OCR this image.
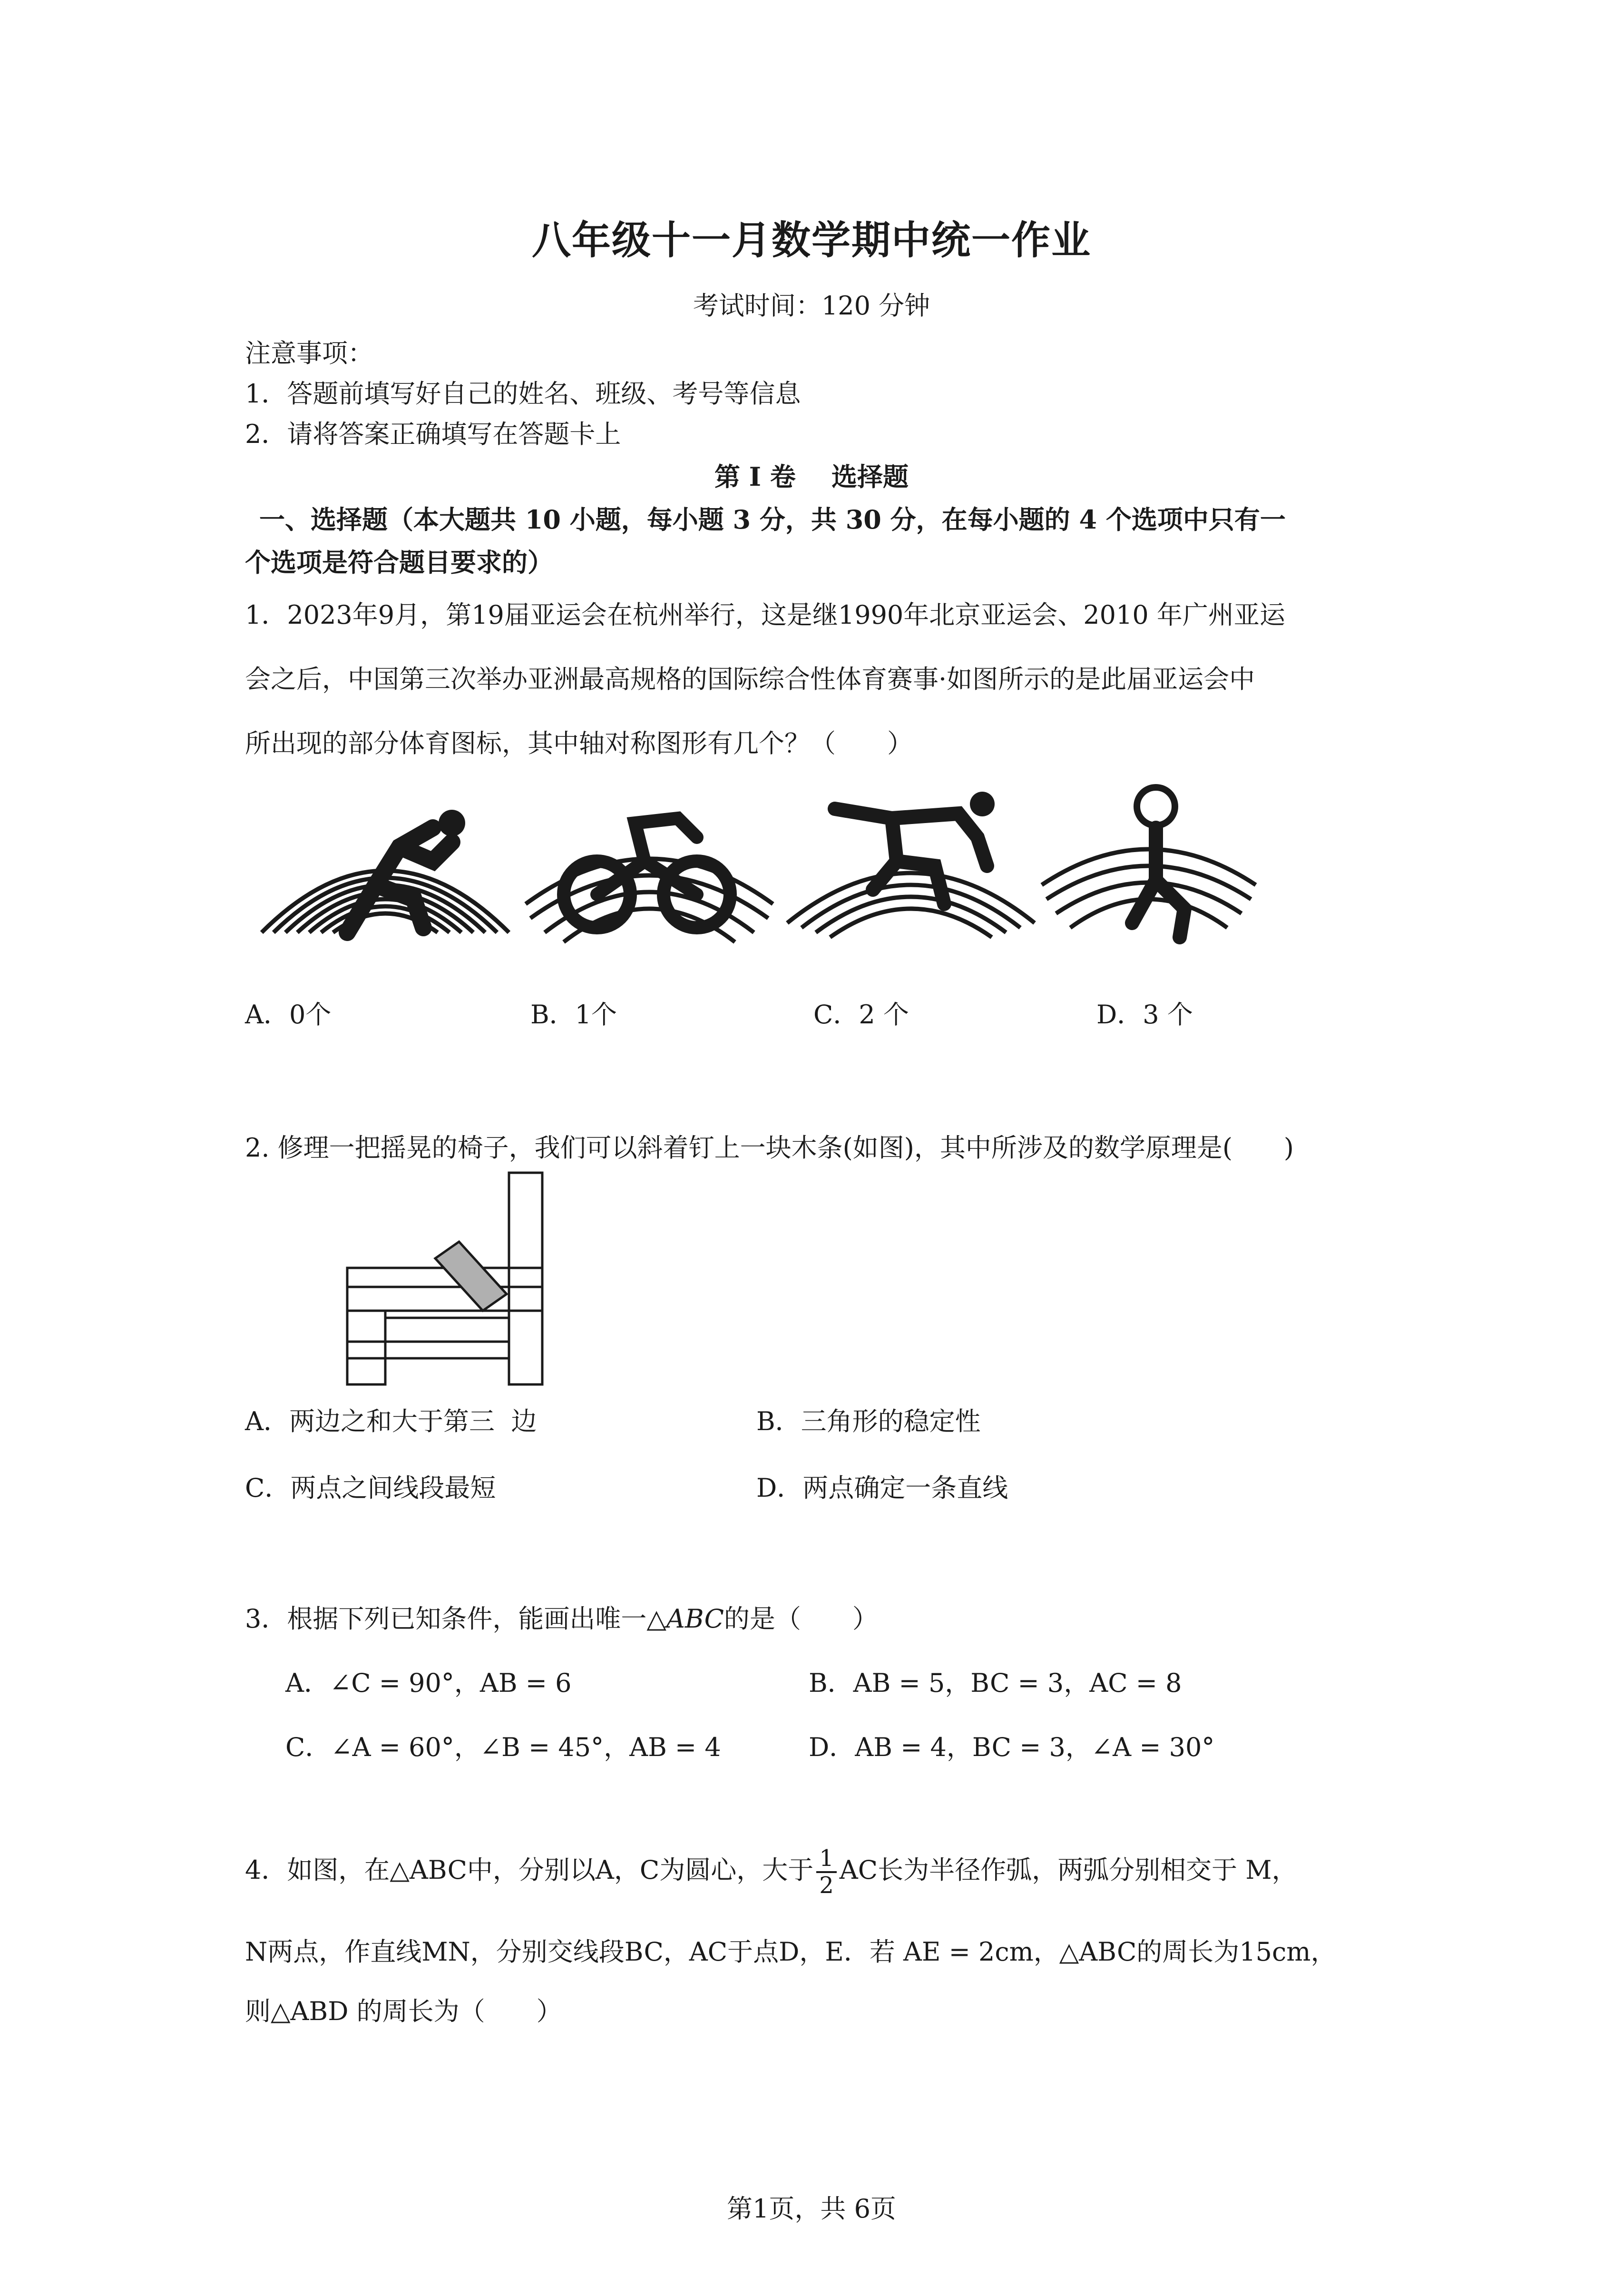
八年级十一月数学期中统一作业
考试时间：120 分钟
注意事项：
1．答题前填写好自己的姓名、班级、考号等信息
2．请将答案正确填写在答题卡上
第 I 卷    选择题
一、选择题（本大题共 10 小题，每小题 3 分，共 30 分，在每小题的 4 个选项中只有一
个选项是符合题目要求的）
1．2023年9月，第19届亚运会在杭州举行，这是继1990年北京亚运会、2010 年广州亚运
会之后，中国第三次举办亚洲最高规格的国际综合性体育赛事·如图所示的是此届亚运会中
所出现的部分体育图标，其中轴对称图形有几个？（　　）
A．0个	B．1个	C．2 个	D．3 个
2. 修理一把摇晃的椅子，我们可以斜着钉上一块木条(如图)，其中所涉及的数学原理是(　　)
A．两边之和大于第三  边	B．三角形的稳定性
C．两点之间线段最短	D．两点确定一条直线
3．根据下列已知条件，能画出唯一△ABC的是（　　）
A．∠C = 90°，AB = 6	B．AB = 5，BC = 3，AC = 8
C．∠A = 60°，∠B = 45°，AB = 4	D．AB = 4，BC = 3，∠A = 30°
4．如图，在△ABC中，分别以A，C为圆心，大于 $\frac{1}{2}$ AC长为半径作弧，两弧分别相交于 M，
N两点，作直线MN，分别交线段BC，AC于点D，E．若 AE = 2cm，△ABC的周长为15cm，
则△ABD 的周长为（　　）
第1页，共 6页
